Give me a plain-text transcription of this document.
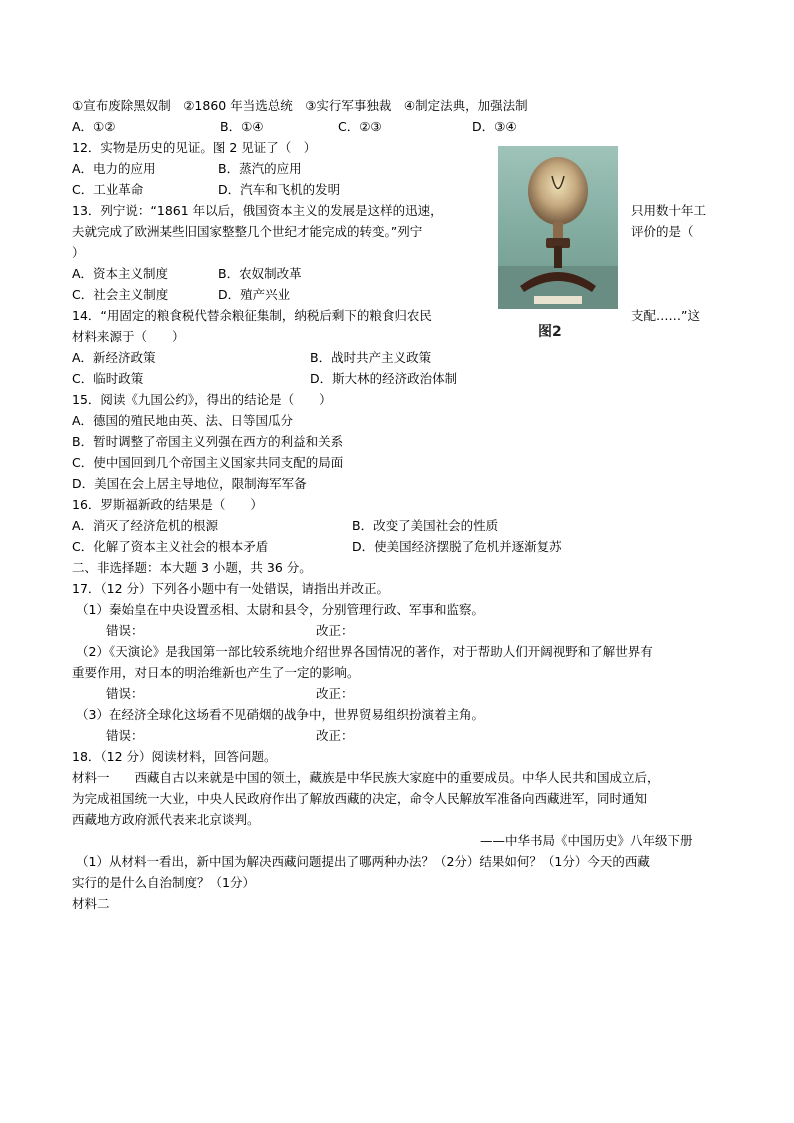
①宣布废除黑奴制　②1860 年当选总统　③实行军事独裁　④制定法典，加强法制
A．①②	B．①④	C．②③	D．③④
12．实物是历史的见证。图 2 见证了（　）
A．电力的应用	B．蒸汽的应用
C．工业革命	D．汽车和飞机的发明
图2
13．列宁说：“1861 年以后，俄国资本主义的发展是这样的迅速，	只用数十年工
夫就完成了欧洲某些旧国家整整几个世纪才能完成的转变。”列宁	评价的是（
）
A．资本主义制度	B．农奴制改革
C．社会主义制度	D．殖产兴业
14．“用固定的粮食税代替余粮征集制，纳税后剩下的粮食归农民	支配……”这
材料来源于（　　）
A．新经济政策	B．战时共产主义政策
C．临时政策	D．斯大林的经济政治体制
15．阅读《九国公约》，得出的结论是（　　）
A．德国的殖民地由英、法、日等国瓜分
B．暂时调整了帝国主义列强在西方的利益和关系
C．使中国回到几个帝国主义国家共同支配的局面
D．美国在会上居主导地位，限制海军军备
16．罗斯福新政的结果是（　　）
A．消灭了经济危机的根源	B．改变了美国社会的性质
C．化解了资本主义社会的根本矛盾	D．使美国经济摆脱了危机并逐渐复苏
二、非选择题：本大题 3 小题，共 36 分。
17．（12 分）下列各小题中有一处错误，请指出并改正。
（1）秦始皇在中央设置丞相、太尉和县令，分别管理行政、军事和监察。
错误：	改正：
（2）《天演论》是我国第一部比较系统地介绍世界各国情况的著作，对于帮助人们开阔视野和了解世界有
重要作用，对日本的明治维新也产生了一定的影响。
错误：	改正：
（3）在经济全球化这场看不见硝烟的战争中，世界贸易组织扮演着主角。
错误：	改正：
18．（12 分）阅读材料，回答问题。
材料一　　西藏自古以来就是中国的领土，藏族是中华民族大家庭中的重要成员。中华人民共和国成立后，
为完成祖国统一大业，中央人民政府作出了解放西藏的决定，命令人民解放军准备向西藏进军，同时通知
西藏地方政府派代表来北京谈判。
——中华书局《中国历史》八年级下册
（1）从材料一看出，新中国为解决西藏问题提出了哪两种办法？（2分）结果如何？（1分）今天的西藏
实行的是什么自治制度？（1分）
材料二
